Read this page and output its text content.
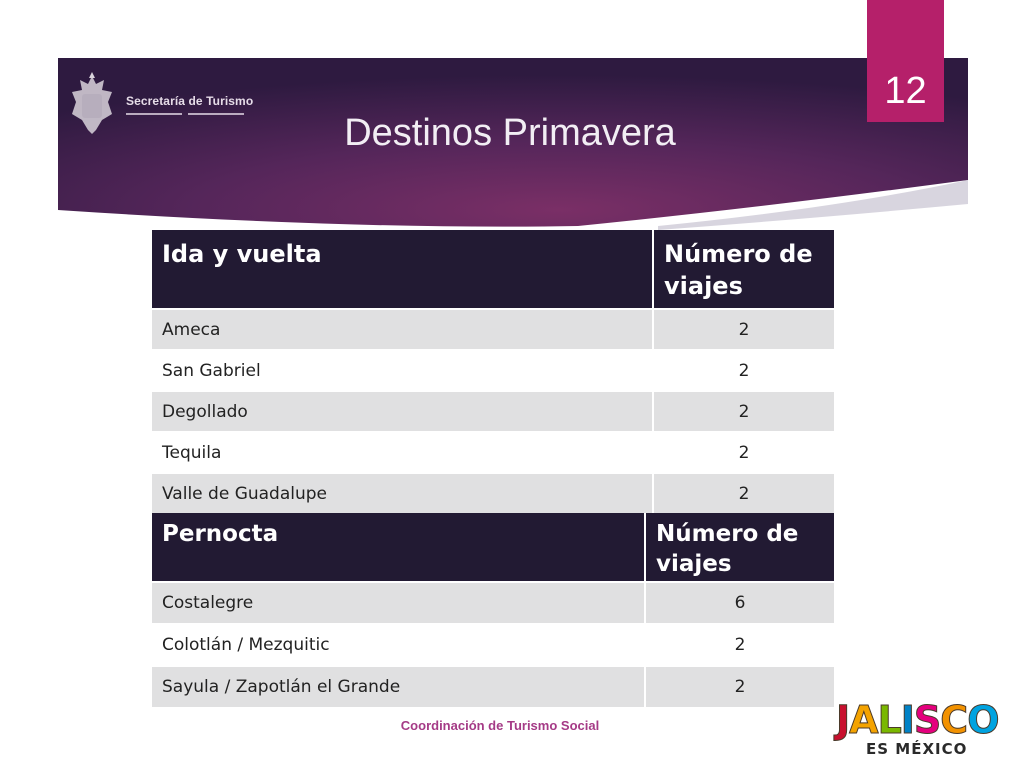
Secretaría de Turismo
Destinos Primavera
12
Ida y vuelta	Número de viajes
Ameca	2
San Gabriel	2
Degollado	2
Tequila	2
Valle de Guadalupe	2
Pernocta	Número de viajes
Costalegre	6
Colotlán / Mezquitic	2
Sayula / Zapotlán el Grande	2
Coordinación de Turismo Social	JALISCO
ES MÉXICO
